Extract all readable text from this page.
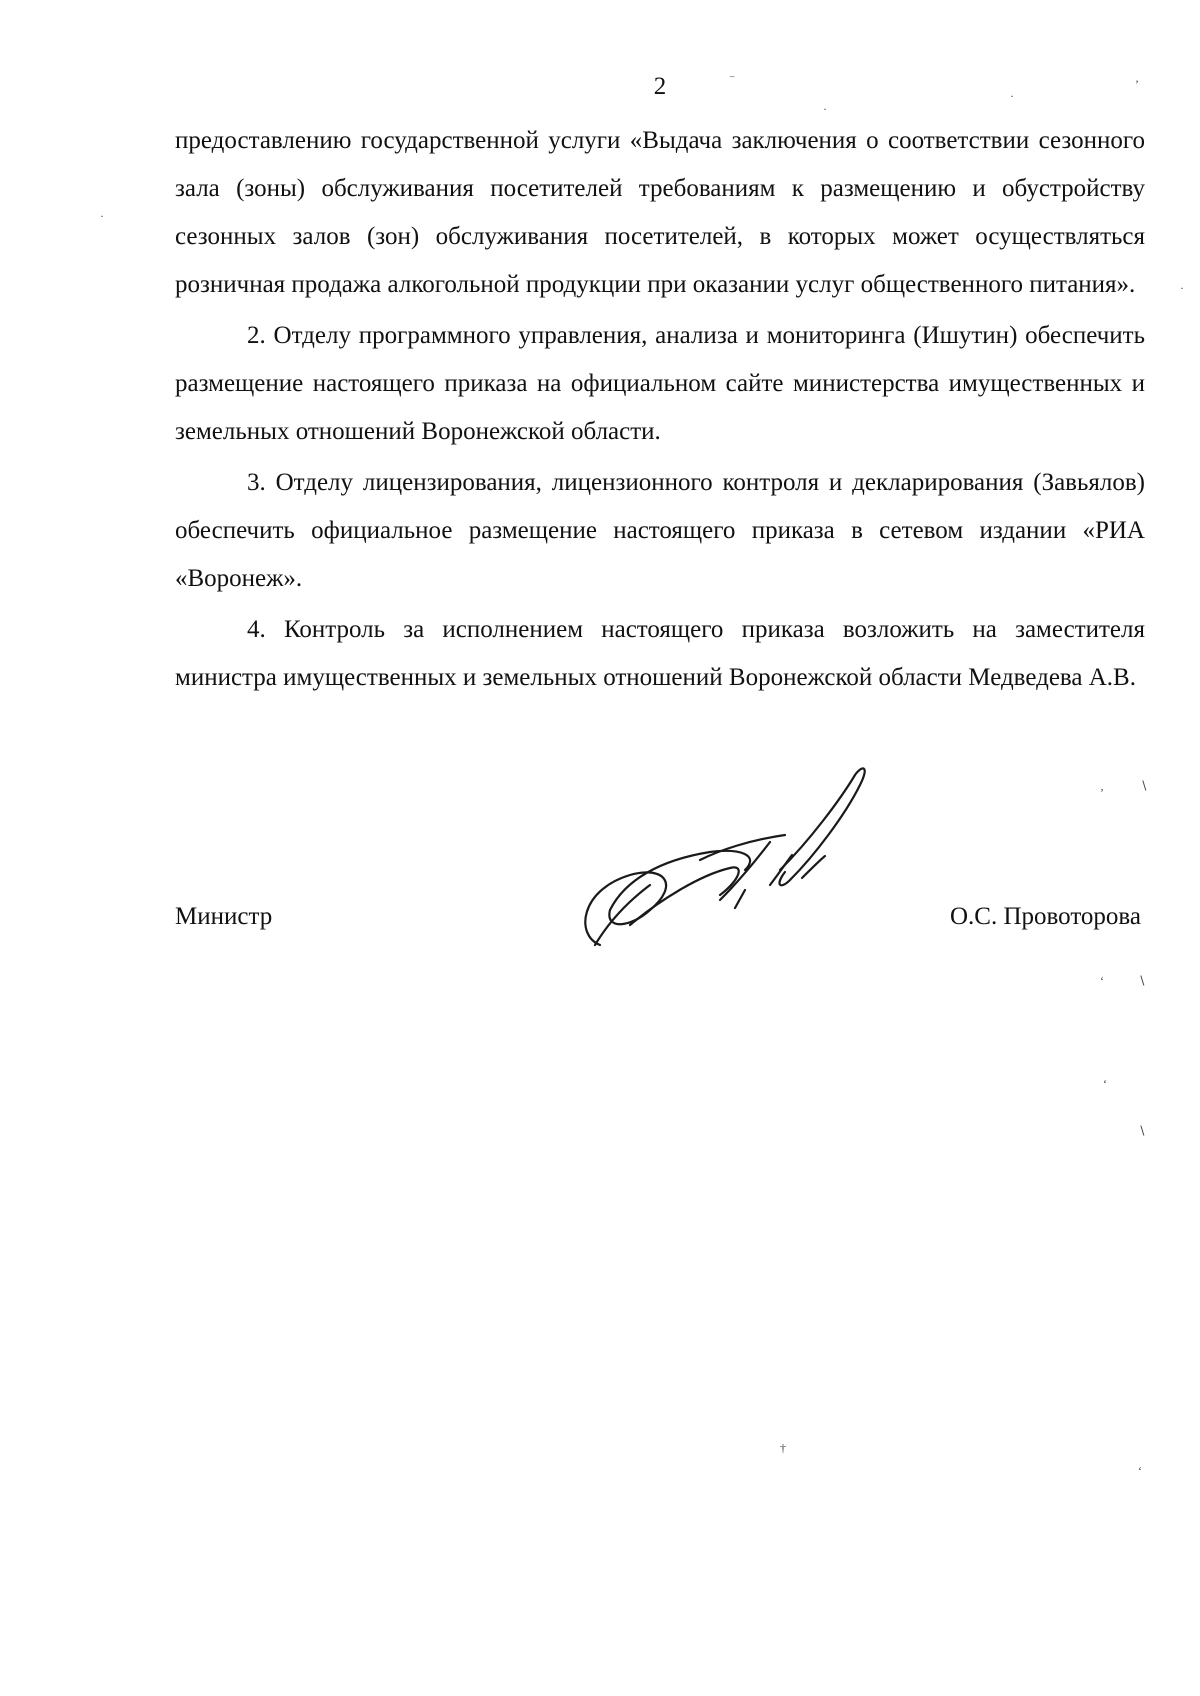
2

предоставлению государственной услуги «Выдача заключения о соответствии сезонного зала (зоны) обслуживания посетителей требованиям к размещению и обустройству сезонных залов (зон) обслуживания посетителей, в которых может осуществляться розничная продажа алкогольной продукции при оказании услуг общественного питания».

2. Отделу программного управления, анализа и мониторинга (Ишутин) обеспечить размещение настоящего приказа на официальном сайте министерства имущественных и земельных отношений Воронежской области.

3. Отделу лицензирования, лицензионного контроля и декларирования (Завьялов) обеспечить официальное размещение настоящего приказа в сетевом издании «РИА «Воронеж».

4. Контроль за исполнением настоящего приказа возложить на заместителя министра имущественных и земельных отношений Воронежской области Медведева А.В.

Министр	О.С. Провоторова
⁻
·
·
’
·
·
‚	∖
‘	∖
‘
∖
†
‘
